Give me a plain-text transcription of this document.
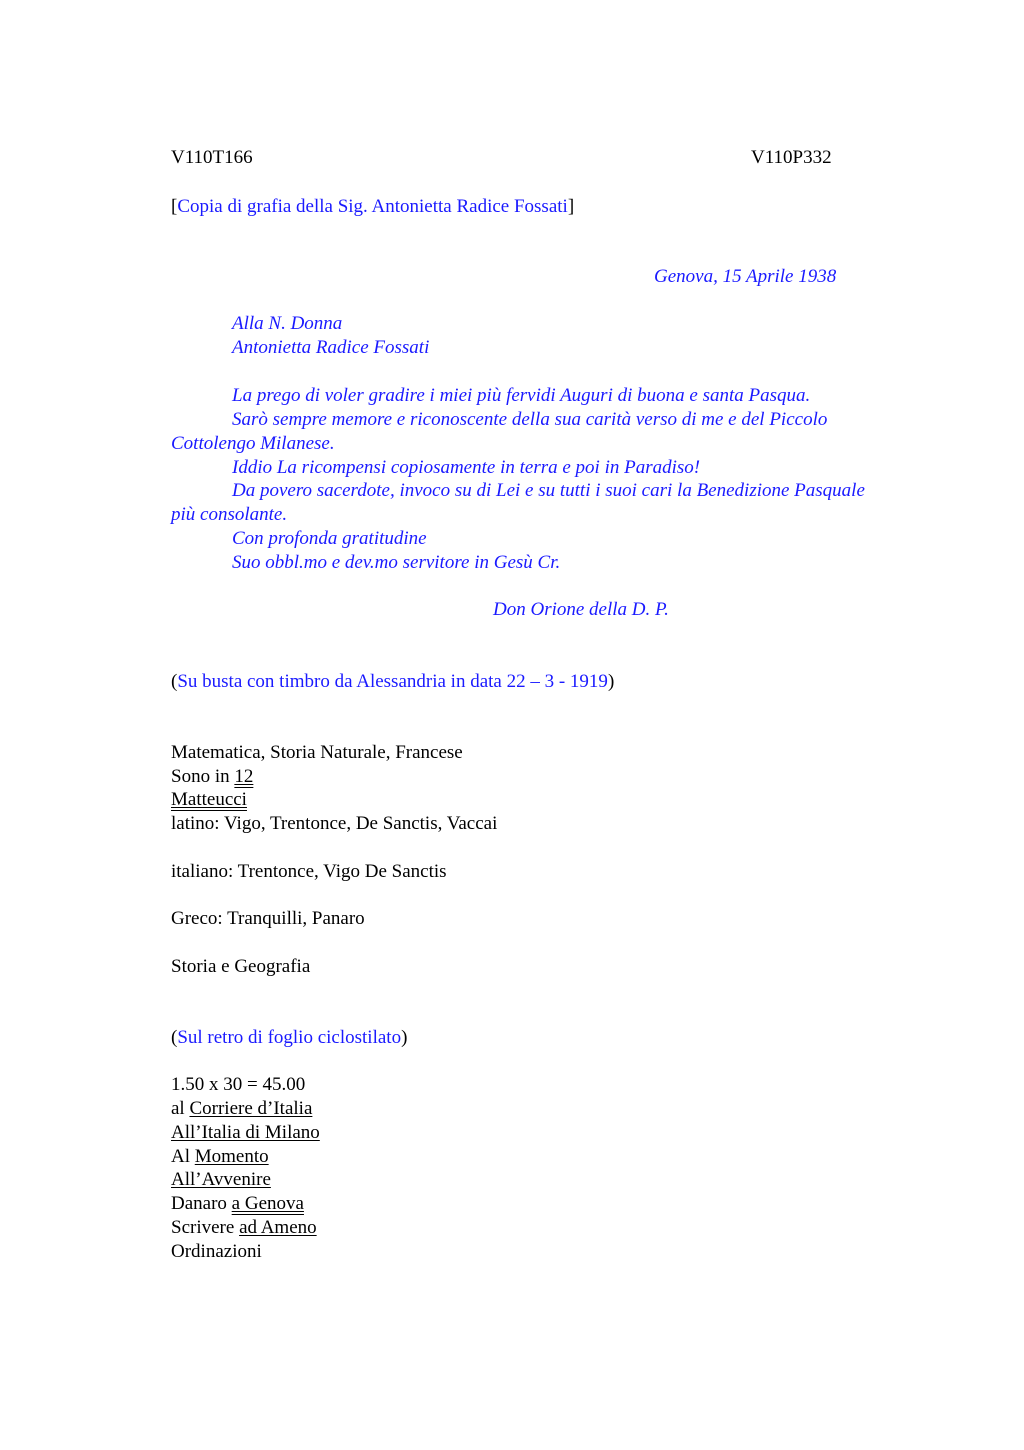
V110T166	V110P332
[Copia di grafia della Sig. Antonietta Radice Fossati]
Genova, 15 Aprile 1938
Alla N. Donna
Antonietta Radice Fossati
La prego di voler gradire i miei più fervidi Auguri di buona e santa Pasqua.
Sarò sempre memore e riconoscente della sua carità verso di me e del Piccolo
Cottolengo Milanese.
Iddio La ricompensi copiosamente in terra e poi in Paradiso!
Da povero sacerdote, invoco su di Lei e su tutti i suoi cari la Benedizione Pasquale
più consolante.
Con profonda gratitudine
Suo obbl.mo e dev.mo servitore in Gesù Cr.
Don Orione della D. P.
(Su busta con timbro da Alessandria in data 22 – 3 - 1919)
Matematica, Storia Naturale, Francese
Sono in 12
Matteucci
latino: Vigo, Trentonce, De Sanctis, Vaccai
italiano: Trentonce, Vigo De Sanctis
Greco: Tranquilli, Panaro
Storia e Geografia
(Sul retro di foglio ciclostilato)
1.50 x 30 = 45.00
al Corriere d’Italia
All’Italia di Milano
Al Momento
All’Avvenire
Danaro a Genova
Scrivere ad Ameno
Ordinazioni
